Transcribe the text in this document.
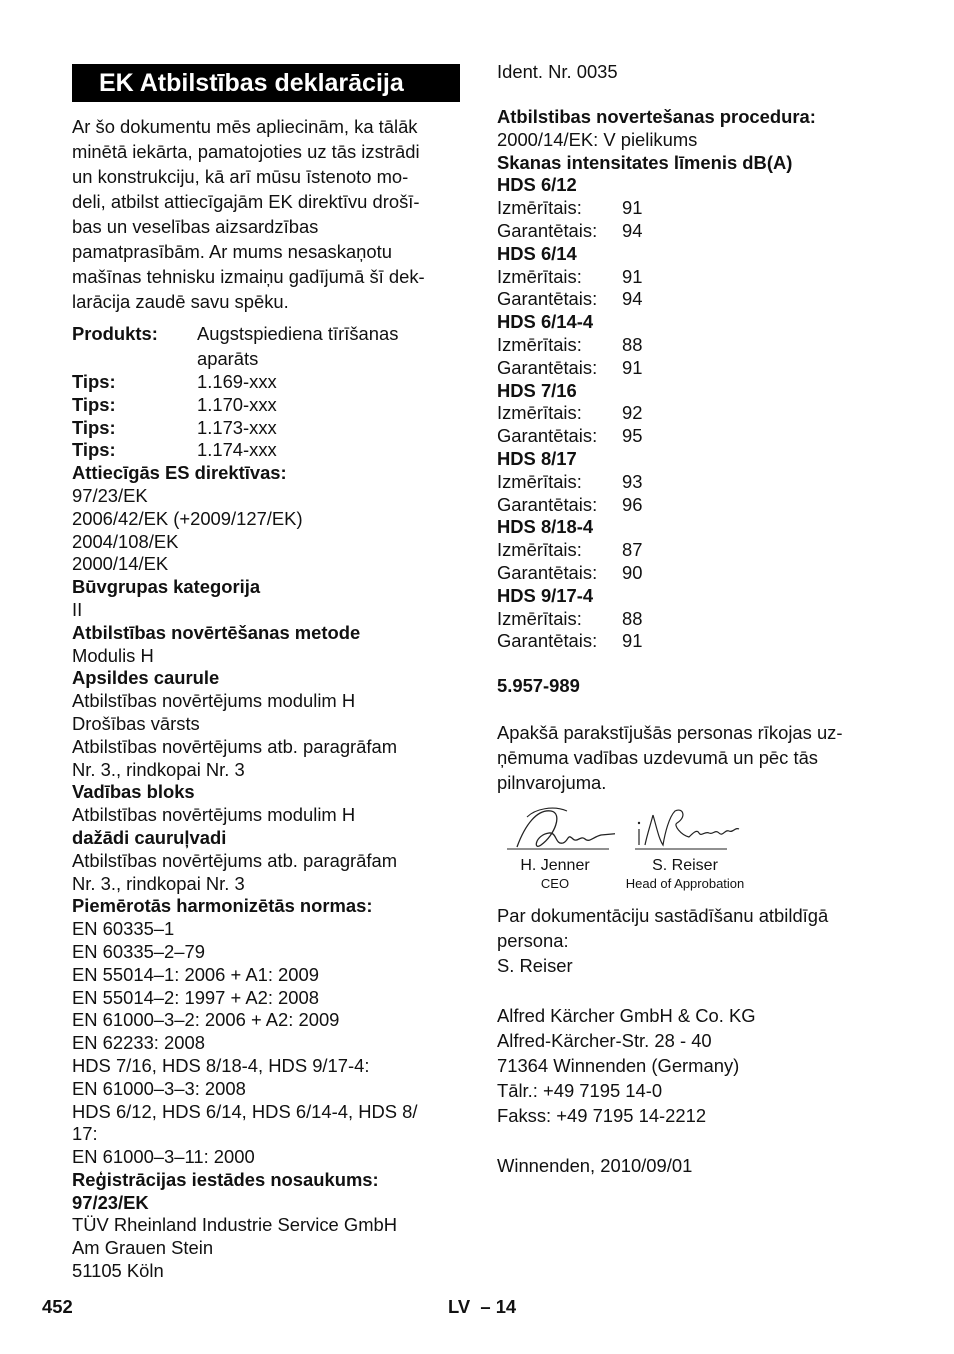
EK Atbilstības deklarācija
Ar šo dokumentu mēs apliecinām, ka tālāk
minētā iekārta, pamatojoties uz tās izstrādi
un konstrukciju, kā arī mūsu īstenoto mo-
deli, atbilst attiecīgajām EK direktīvu drošī-
bas un veselības aizsardzības
pamatprasībām. Ar mums nesaskaņotu
mašīnas tehnisku izmaiņu gadījumā šī dek-
larācija zaudē savu spēku.
Produkts:	Augstspiediena tīrīšanas
aparāts
Tips:	1.169-xxx
Tips:	1.170-xxx
Tips:	1.173-xxx
Tips:	1.174-xxx
Attiecīgās ES direktīvas:
97/23/EK
2006/42/EK (+2009/127/EK)
2004/108/EK
2000/14/EK
Būvgrupas kategorija
II
Atbilstības novērtēšanas metode
Modulis H
Apsildes caurule
Atbilstības novērtējums modulim H
Drošības vārsts
Atbilstības novērtējums atb. paragrāfam
Nr. 3., rindkopai Nr. 3
Vadības bloks
Atbilstības novērtējums modulim H
dažādi cauruļvadi
Atbilstības novērtējums atb. paragrāfam
Nr. 3., rindkopai Nr. 3
Piemērotās harmonizētās normas:
EN 60335–1
EN 60335–2–79
EN 55014–1: 2006 + A1: 2009
EN 55014–2: 1997 + A2: 2008
EN 61000–3–2: 2006 + A2: 2009
EN 62233: 2008
HDS 7/16, HDS 8/18-4, HDS 9/17-4:
EN 61000–3–3: 2008
HDS 6/12, HDS 6/14, HDS 6/14-4, HDS 8/
17:
EN 61000–3–11: 2000
Reģistrācijas iestādes nosaukums:
97/23/EK
TÜV Rheinland Industrie Service GmbH
Am Grauen Stein
51105 Köln
Ident. Nr. 0035
Atbilstibas novertešanas procedura:
2000/14/EK: V pielikums
Skanas intensitates līmenis dB(A)
HDS 6/12
Izmērītais:	91
Garantētais:	94
HDS 6/14
Izmērītais:	91
Garantētais:	94
HDS 6/14-4
Izmērītais:	88
Garantētais:	91
HDS 7/16
Izmērītais:	92
Garantētais:	95
HDS 8/17
Izmērītais:	93
Garantētais:	96
HDS 8/18-4
Izmērītais:	87
Garantētais:	90
HDS 9/17-4
Izmērītais:	88
Garantētais:	91
5.957-989
Apakšā parakstījušās personas rīkojas uz-
ņēmuma vadības uzdevumā un pēc tās
pilnvarojuma.
H. Jenner
CEO
S. Reiser
Head of Approbation
Par dokumentāciju sastādīšanu atbildīgā
persona:
S. Reiser
Alfred Kärcher GmbH & Co. KG
Alfred-Kärcher-Str. 28 - 40
71364 Winnenden (Germany)
Tālr.: +49 7195 14-0
Fakss: +49 7195 14-2212
Winnenden, 2010/09/01
452	LV  – 14
